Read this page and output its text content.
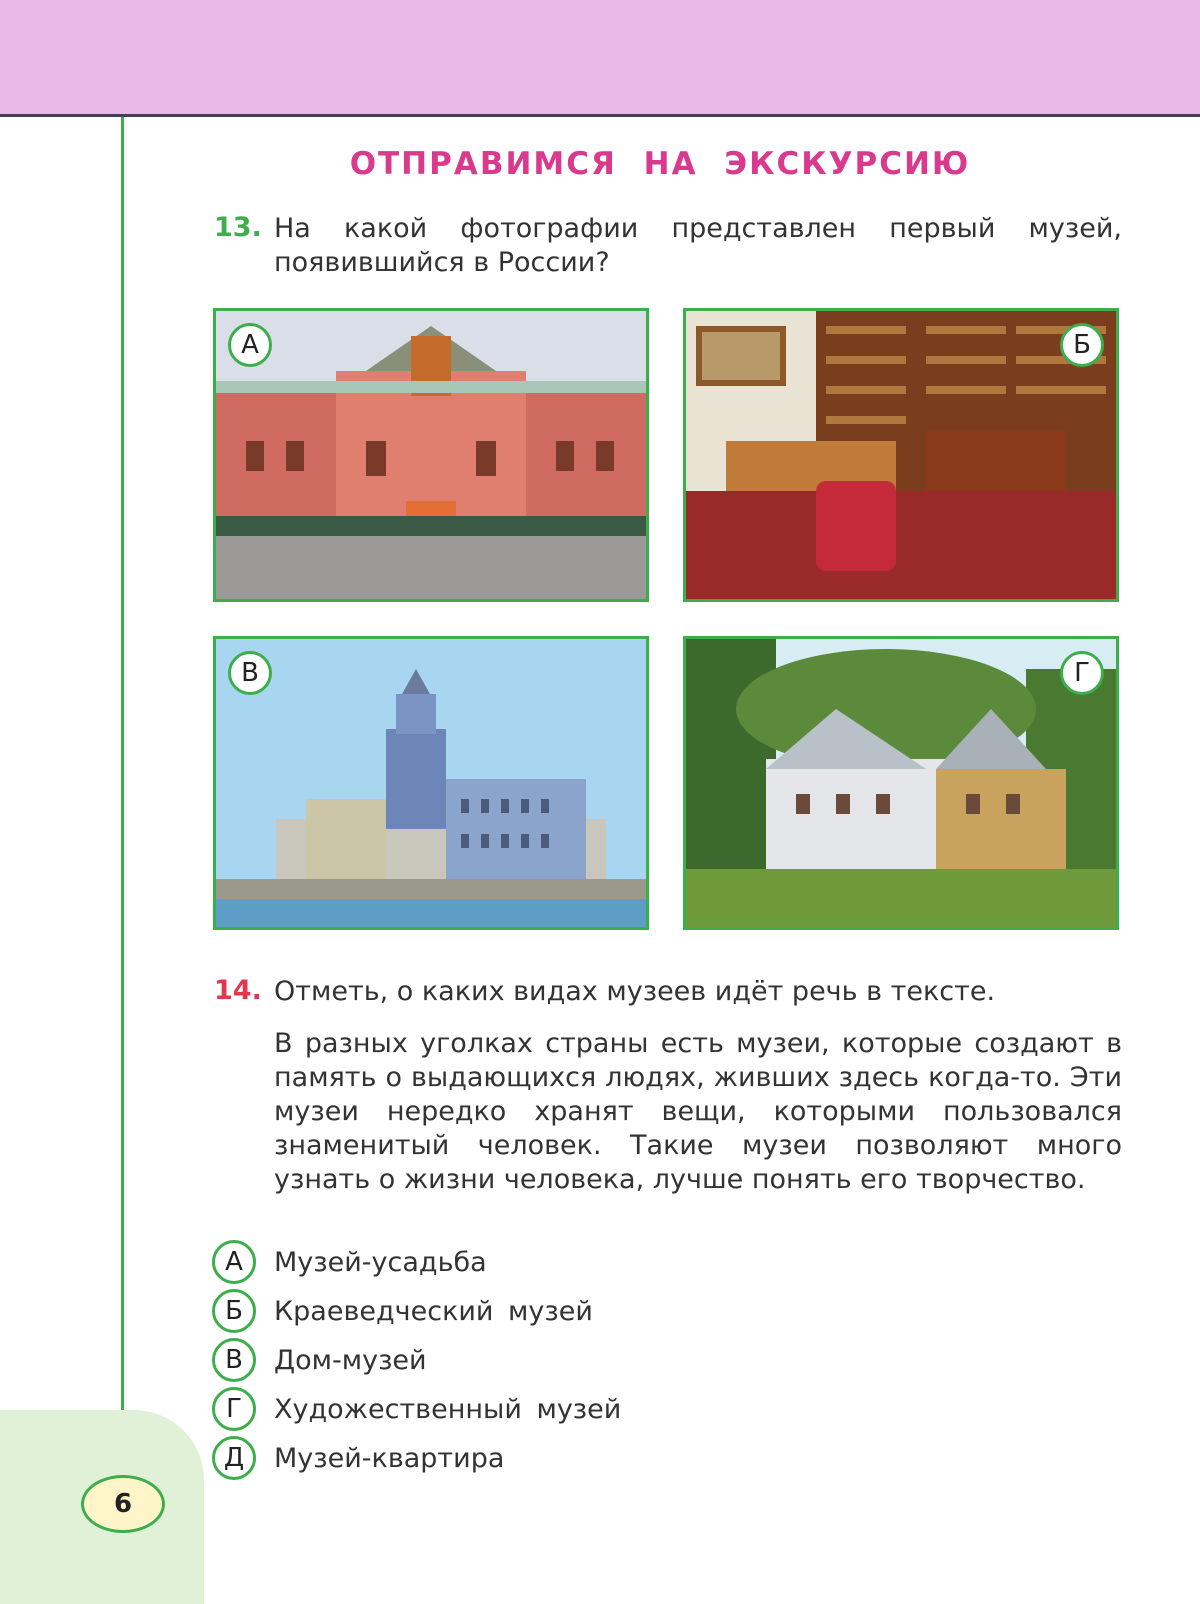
6
ОТПРАВИМСЯ НА ЭКСКУРСИЮ
13. На какой фотографии представлен первый музей, появившийся в России?
А	Б
В	Г
14. Отметь, о каких видах музеев идёт речь в тексте.
В разных уголках страны есть музеи, которые создают в память о выдающихся людях, живших здесь когда-то. Эти музеи нередко хранят вещи, которыми пользовался знаменитый человек. Такие музеи позволяют много узнать о жизни человека, лучше понять его творчество.
А	Музей-усадьба
Б	Краеведческий музей
В	Дом-музей
Г	Художественный музей
Д	Музей-квартира
